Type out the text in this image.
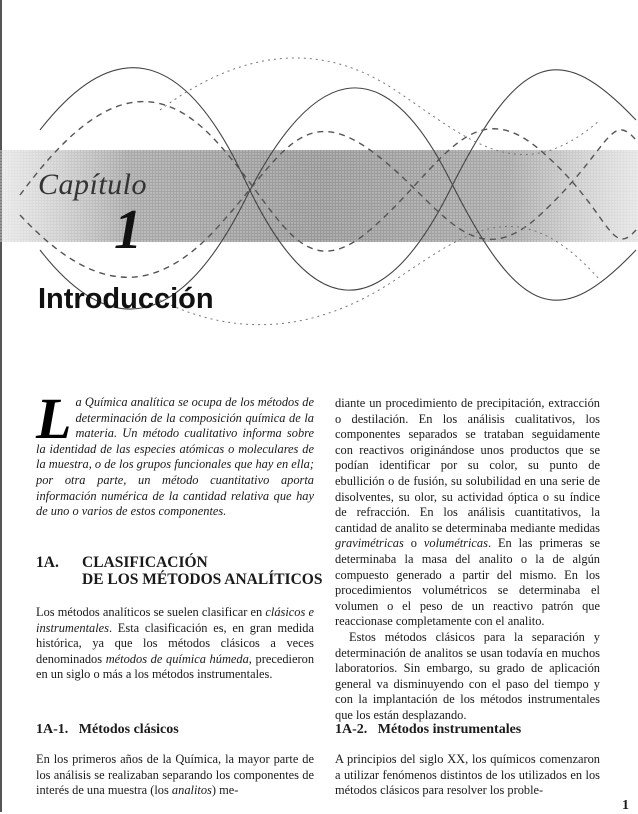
Capítulo
1
Introducción

La Química analítica se ocupa de los métodos de determinación de la composición química de la materia. Un método cualitativo informa sobre la identidad de las especies atómicas o moleculares de la muestra, o de los grupos funcionales que hay en ella; por otra parte, un método cuantitativo aporta información numérica de la cantidad relativa que hay de uno o varios de estos componentes.

1A. CLASIFICACIÓN
DE LOS MÉTODOS ANALÍTICOS

Los métodos analíticos se suelen clasificar en clásicos e instrumentales. Esta clasificación es, en gran medida histórica, ya que los métodos clásicos a veces denominados métodos de química húmeda, precedieron en un siglo o más a los métodos instrumentales.

1A-1.   Métodos clásicos

En los primeros años de la Química, la mayor parte de los análisis se realizaban separando los componentes de interés de una muestra (los analitos) me-

diante un procedimiento de precipitación, extracción o destilación. En los análisis cualitativos, los componentes separados se trataban seguidamente con reactivos originándose unos productos que se podían identificar por su color, su punto de ebullición o de fusión, su solubilidad en una serie de disolventes, su olor, su actividad óptica o su índice de refracción. En los análisis cuantitativos, la cantidad de analito se determinaba mediante medidas gravimétricas o volumétricas. En las primeras se determinaba la masa del analito o la de algún compuesto generado a partir del mismo. En los procedimientos volumétricos se determinaba el volumen o el peso de un reactivo patrón que reaccionase completamente con el analito.

Estos métodos clásicos para la separación y determinación de analitos se usan todavía en muchos laboratorios. Sin embargo, su grado de aplicación general va disminuyendo con el paso del tiempo y con la implantación de los métodos instrumentales que los están desplazando.

1A-2.   Métodos instrumentales

A principios del siglo XX, los químicos comenzaron a utilizar fenómenos distintos de los utilizados en los métodos clásicos para resolver los proble-

1
